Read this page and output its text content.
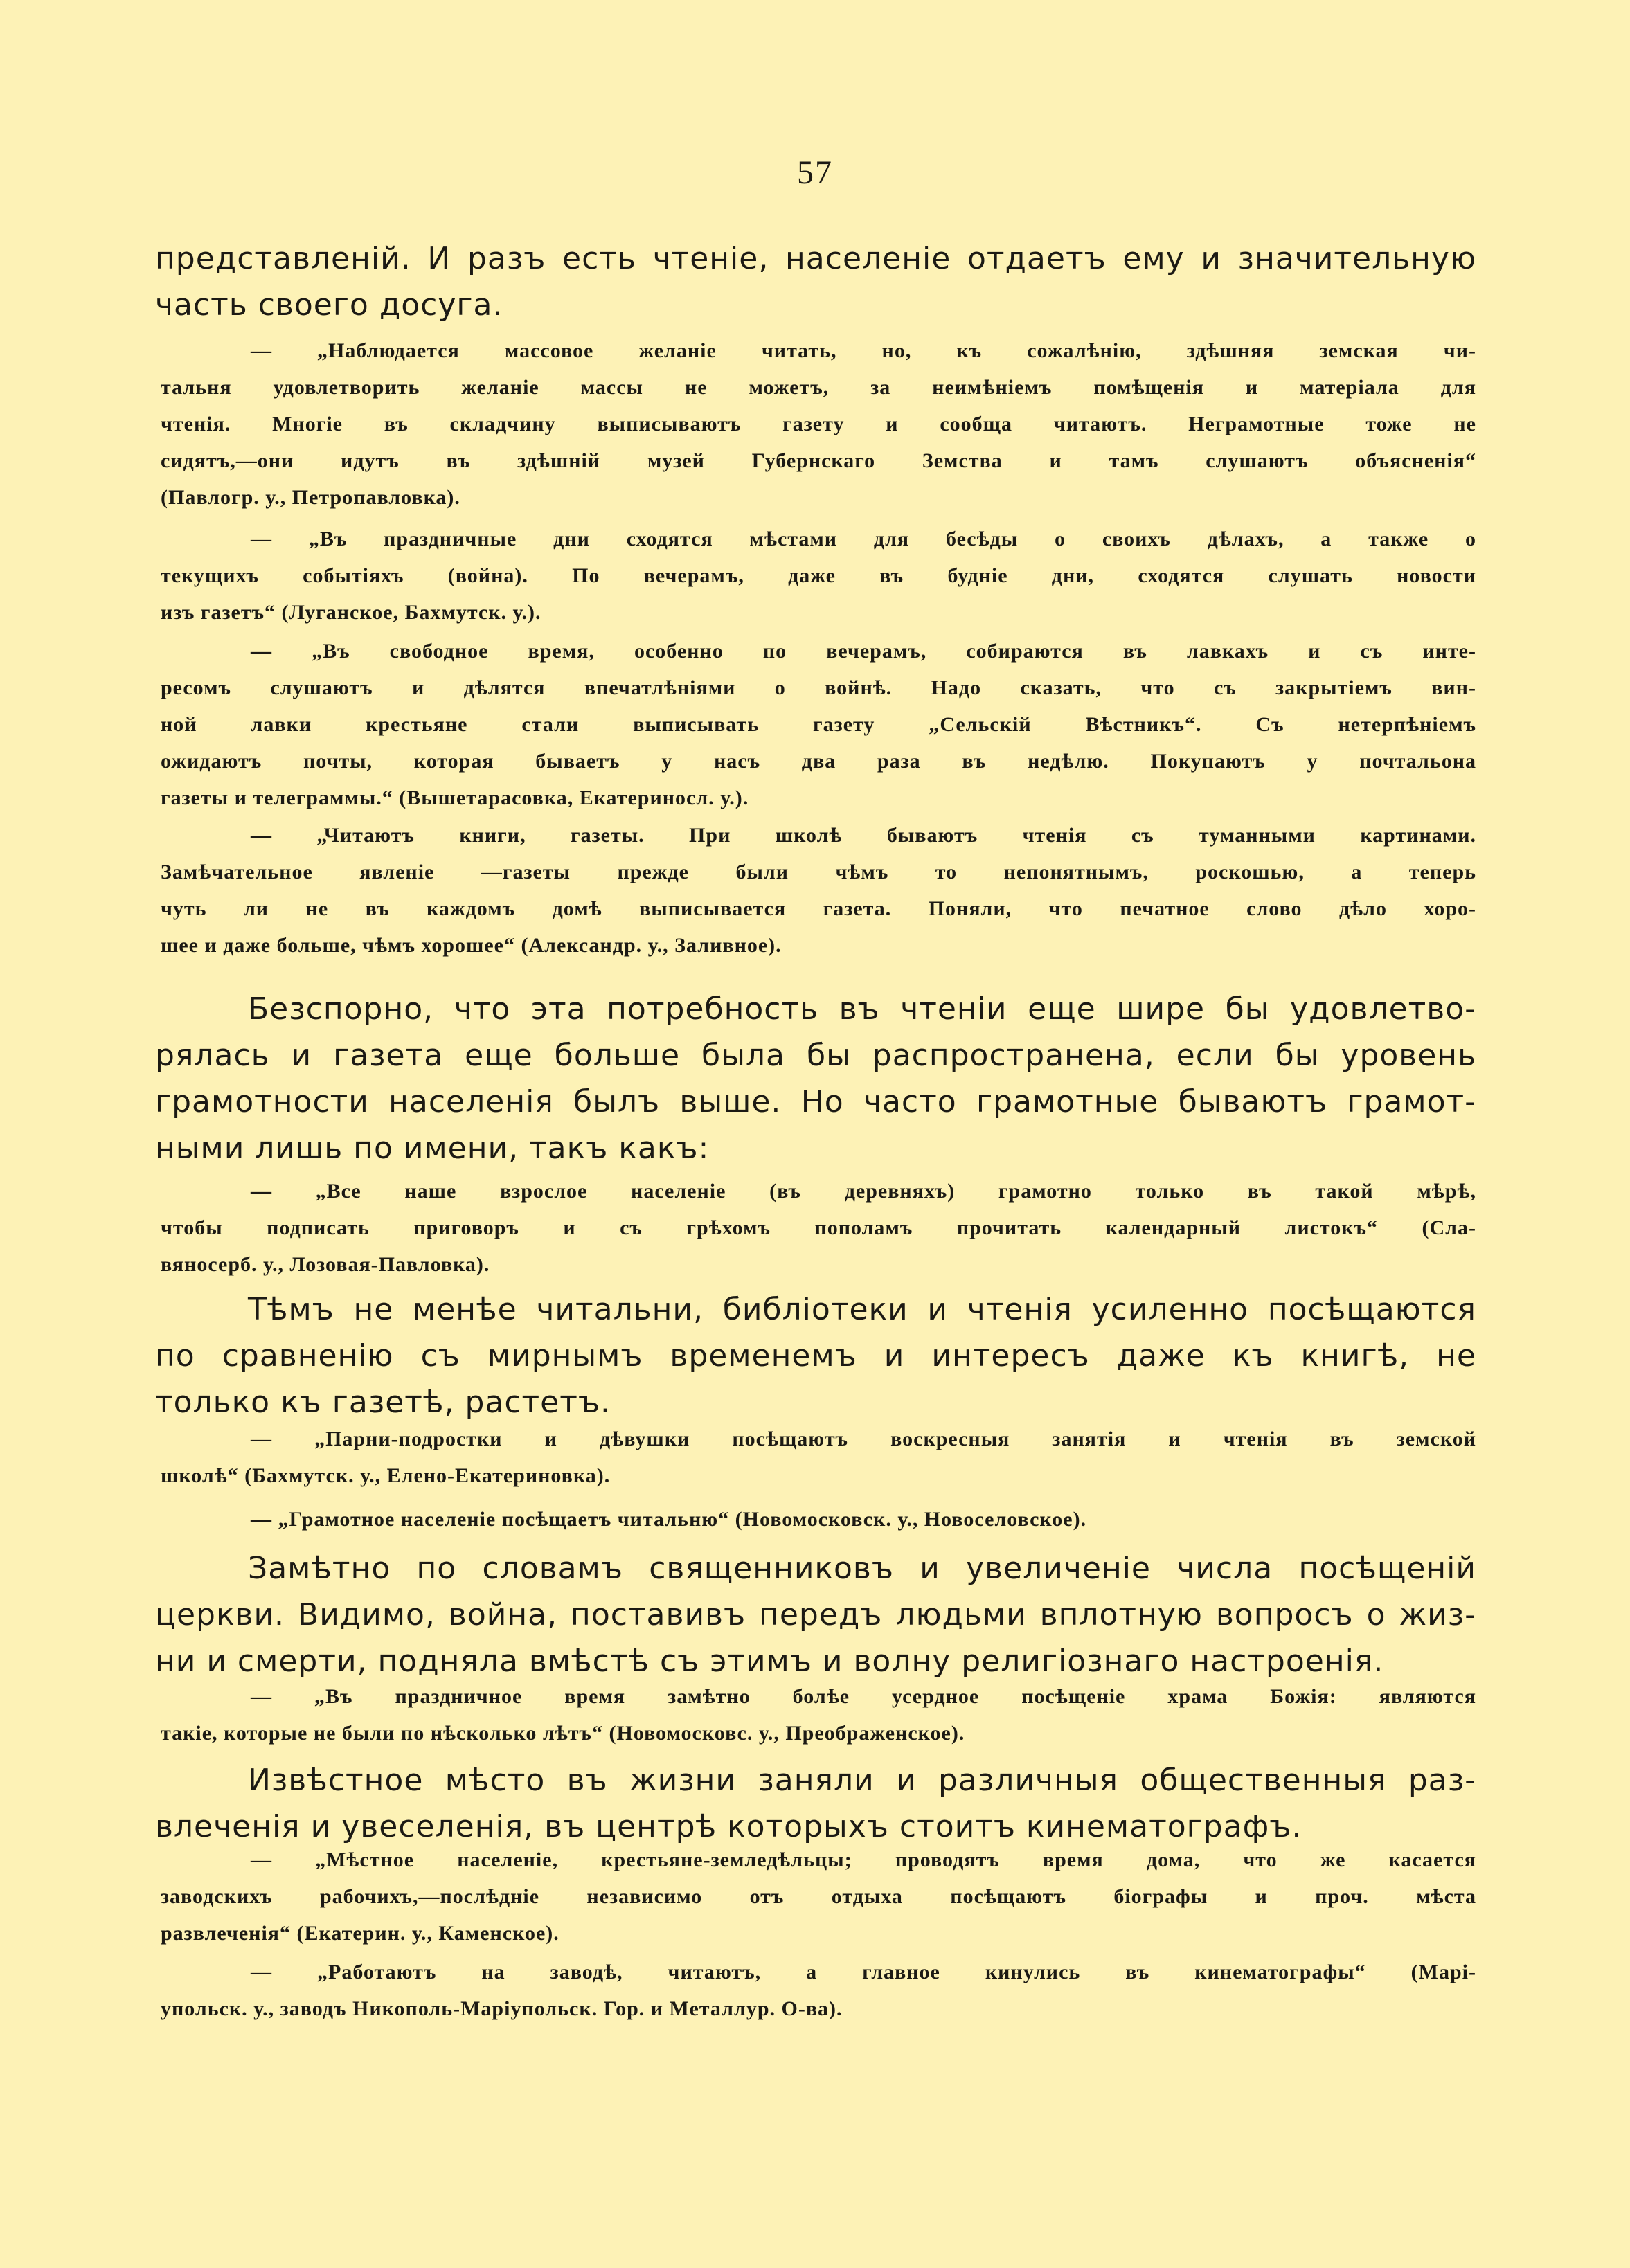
57
представленій. И разъ есть чтеніе, населеніе отдаетъ ему и значительную
часть своего досуга.
— „Наблюдается массовое желаніе читать, но, къ сожалѣнію, здѣшняя земская чи-
тальня удовлетворить желаніе массы не можетъ, за неимѣніемъ помѣщенія и матеріала для
чтенія. Многіе въ складчину выписываютъ газету и сообща читаютъ. Неграмотные тоже не
сидятъ,—они идутъ въ здѣшній музей Губернскаго Земства и тамъ слушаютъ объясненія“
(Павлогр. у., Петропавловка).
— „Въ праздничные дни сходятся мѣстами для бесѣды о своихъ дѣлахъ, а также о
текущихъ событіяхъ (война). По вечерамъ, даже въ будніе дни, сходятся слушать новости
изъ газетъ“ (Луганское, Бахмутск. у.).
— „Въ свободное время, особенно по вечерамъ, собираются въ лавкахъ и съ инте-
ресомъ слушаютъ и дѣлятся впечатлѣніями о войнѣ. Надо сказать, что съ закрытіемъ вин-
ной лавки крестьяне стали выписывать газету „Сельскій Вѣстникъ“. Съ нетерпѣніемъ
ожидаютъ почты, которая бываетъ у насъ два раза въ недѣлю. Покупаютъ у почтальона
газеты и телеграммы.“ (Вышетарасовка, Екатериносл. у.).
— „Читаютъ книги, газеты. При школѣ бываютъ чтенія съ туманными картинами.
Замѣчательное явленіе —газеты прежде были чѣмъ то непонятнымъ, роскошью, а теперь
чуть ли не въ каждомъ домѣ выписывается газета. Поняли, что печатное слово дѣло хоро-
шее и даже больше, чѣмъ хорошее“ (Александр. у., Заливное).
Безспорно, что эта потребность въ чтеніи еще шире бы удовлетво-
рялась и газета еще больше была бы распространена, если бы уровень
грамотности населенія былъ выше. Но часто грамотные бываютъ грамот-
ными лишь по имени, такъ какъ:
— „Все наше взрослое населеніе (въ деревняхъ) грамотно только въ такой мѣрѣ,
чтобы подписать приговоръ и съ грѣхомъ пополамъ прочитать календарный листокъ“ (Сла-
вяносерб. у., Лозовая-Павловка).
Тѣмъ не менѣе читальни, библіотеки и чтенія усиленно посѣщаются
по сравненію съ мирнымъ временемъ и интересъ даже къ книгѣ, не
только къ газетѣ, растетъ.
— „Парни-подростки и дѣвушки посѣщаютъ воскресныя занятія и чтенія въ земской
школѣ“ (Бахмутск. у., Елено-Екатериновка).
— „Грамотное населеніе посѣщаетъ читальню“ (Новомосковск. у., Новоселовское).
Замѣтно по словамъ священниковъ и увеличеніе числа посѣщеній
церкви. Видимо, война, поставивъ передъ людьми вплотную вопросъ о жиз-
ни и смерти, подняла вмѣстѣ съ этимъ и волну религіознаго настроенія.
— „Въ праздничное время замѣтно болѣе усердное посѣщеніе храма Божія: являются
такіе, которые не были по нѣсколько лѣтъ“ (Новомосковс. у., Преображенское).
Извѣстное мѣсто въ жизни заняли и различныя общественныя раз-
влеченія и увеселенія, въ центрѣ которыхъ стоитъ кинематографъ.
— „Мѣстное населеніе, крестьяне-земледѣльцы; проводятъ время дома, что же касается
заводскихъ рабочихъ,—послѣдніе независимо отъ отдыха посѣщаютъ біографы и проч. мѣста
развлеченія“ (Екатерин. у., Каменское).
— „Работаютъ на заводѣ, читаютъ, а главное кинулись въ кинематографы“ (Марі-
упольск. у., заводъ Никополь-Маріупольск. Гор. и Металлур. О-ва).
